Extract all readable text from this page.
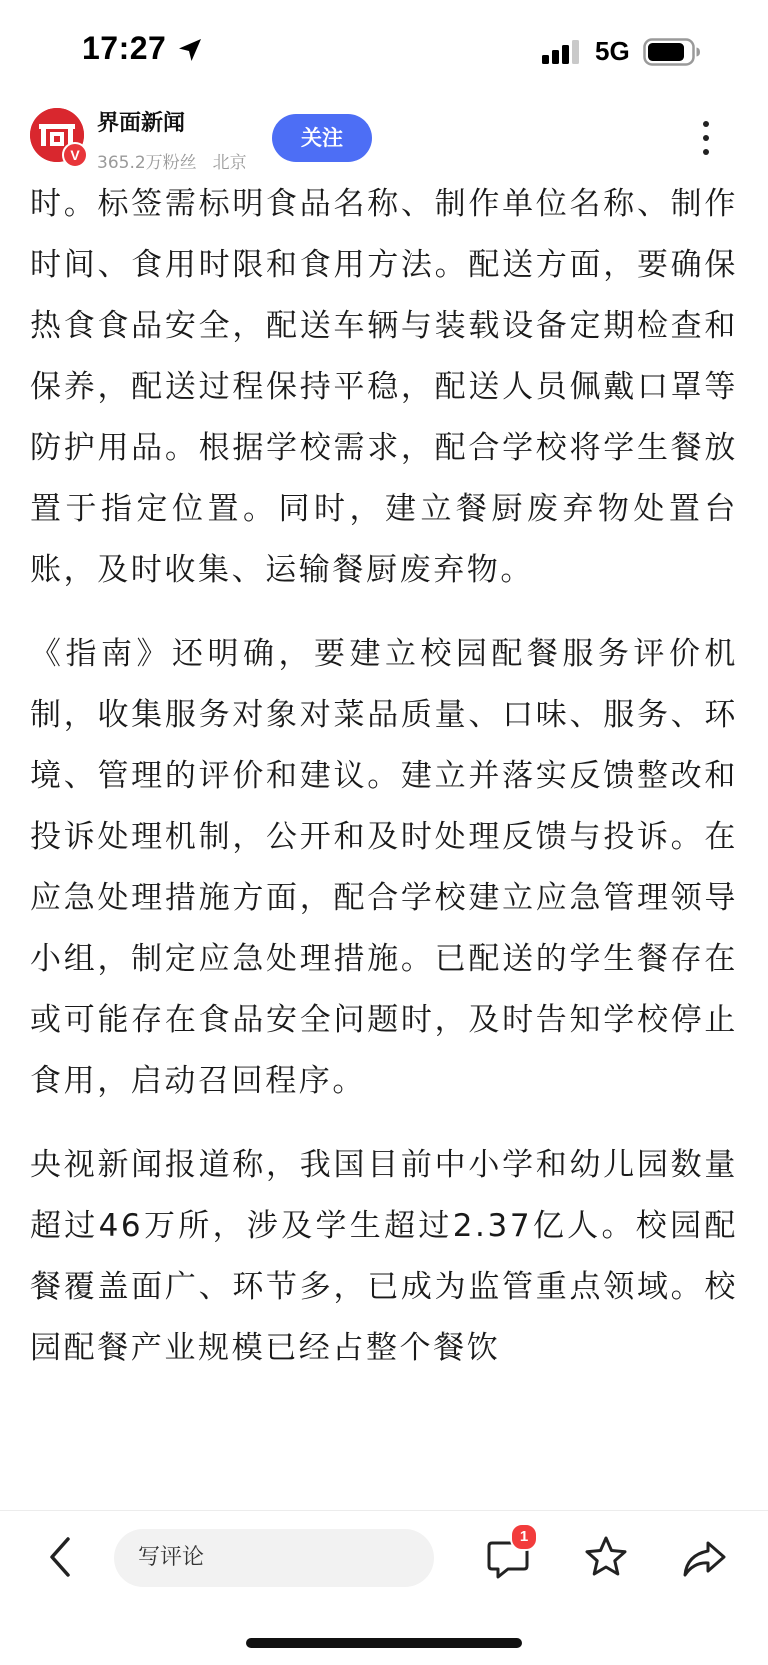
17:27	5G
V
界面新闻
365.2万粉丝 北京
关注

时。标签需标明食品名称、制作单位名称、制作时间、食用时限和食用方法。配送方面，要确保热食食品安全，配送车辆与装载设备定期检查和保养，配送过程保持平稳，配送人员佩戴口罩等防护用品。根据学校需求，配合学校将学生餐放置于指定位置。同时，建立餐厨废弃物处置台账，及时收集、运输餐厨废弃物。

《指南》还明确，要建立校园配餐服务评价机制，收集服务对象对菜品质量、口味、服务、环境、管理的评价和建议。建立并落实反馈整改和投诉处理机制，公开和及时处理反馈与投诉。在应急处理措施方面，配合学校建立应急管理领导小组，制定应急处理措施。已配送的学生餐存在或可能存在食品安全问题时，及时告知学校停止食用，启动召回程序。

央视新闻报道称，我国目前中小学和幼儿园数量超过46万所，涉及学生超过2.37亿人。校园配餐覆盖面广、环节多，已成为监管重点领域。校园配餐产业规模已经占整个餐饮

写评论
1
